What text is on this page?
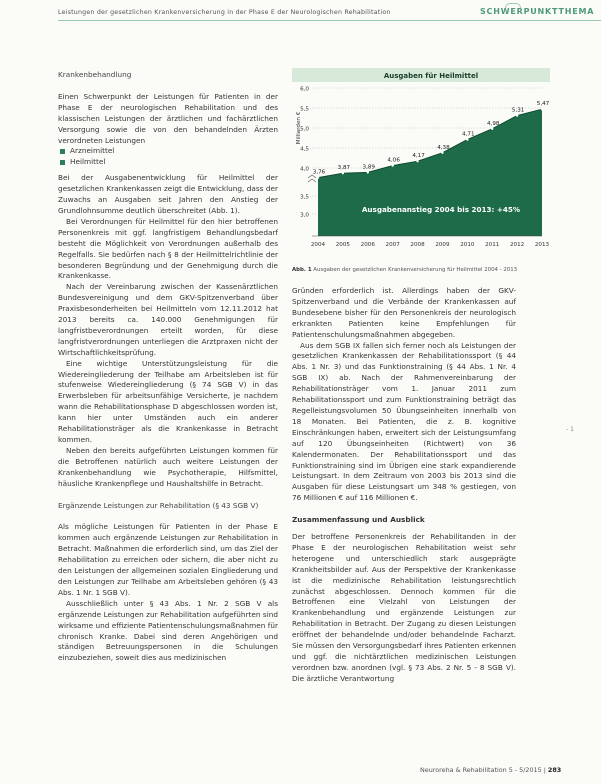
Leistungen der gesetzlichen Krankenversicherung in der Phase E der Neurologischen Rehabilitation	SCHWERPUNKTTHEMA

Krankenbehandlung

Einen Schwerpunkt der Leistungen für Patienten in der Phase E der neurologischen Rehabilitation und des klassischen Leistungen der ärztlichen und fachärztlichen Versorgung sowie die von den behandelnden Ärzten verordneten Leistungen

Arzneimittel
Heilmittel

Bei der Ausgabenentwicklung für Heilmittel der gesetzlichen Krankenkassen zeigt die Entwicklung, dass der Zuwachs an Ausgaben seit Jahren den Anstieg der Grundlohnsumme deutlich überschreitet (Abb. 1).

Bei Verordnungen für Heilmittel für den hier betroffenen Personenkreis mit ggf. langfristigem Behandlungsbedarf besteht die Möglichkeit von Verordnungen außerhalb des Regelfalls. Sie bedürfen nach § 8 der Heilmittelrichtlinie der besonderen Begründung und der Genehmigung durch die Krankenkasse.

Nach der Vereinbarung zwischen der Kassenärztlichen Bundesvereinigung und dem GKV-Spitzenverband über Praxisbesonderheiten bei Heilmitteln vom 12.11.2012 hat 2013 bereits ca. 140.000 Genehmigungen für langfristbeverordnungen erteilt worden, für diese langfristverordnungen unterliegen die Arztpraxen nicht der Wirtschaftlichkeitsprüfung.

Eine wichtige Unterstützungsleistung für die Wiedereingliederung der Teilhabe am Arbeitsleben ist für stufenweise Wiedereingliederung (§ 74 SGB V) in das Erwerbsleben für arbeitsunfähige Versicherte, je nachdem wann die Rehabilitationsphase D abgeschlossen worden ist, kann hier unter Umständen auch ein anderer Rehabilitationsträger als die Krankenkasse in Betracht kommen.

Neben den bereits aufgeführten Leistungen kommen für die Betroffenen natürlich auch weitere Leistungen der Krankenbehandlung wie Psychotherapie, Hilfsmittel, häusliche Krankenpflege und Haushaltshilfe in Betracht.

Ergänzende Leistungen zur Rehabilitation (§ 43 SGB V)

Als mögliche Leistungen für Patienten in der Phase E kommen auch ergänzende Leistungen zur Rehabilitation in Betracht. Maßnahmen die erforderlich sind, um das Ziel der Rehabilitation zu erreichen oder sichern, die aber nicht zu den Leistungen der allgemeinen sozialen Eingliederung und den Leistungen zur Teilhabe am Arbeitsleben gehören (§ 43 Abs. 1 Nr. 1 SGB V).

Ausschließlich unter § 43 Abs. 1 Nr. 2 SGB V als ergänzende Leistungen zur Rehabilitation aufgeführten sind wirksame und effiziente Patientenschulungsmaßnahmen für chronisch Kranke. Dabei sind deren Angehörigen und ständigen Betreuungspersonen in die Schulungen einzubeziehen, soweit dies aus medizinischen

Ausgaben für Heilmittel
4,0
4,5
5,0
5,5
6,0
3,5
3,0
Milliarden €
3,76
3,87 3,89
4,06
4,17
4,38
4,71
4,98
5,31
5,47
Ausgabenanstieg 2004 bis 2013: +45%
2004 2005 2006 2007 2008 2009 2010 2011 2012 2013
Abb. 1 Ausgaben der gesetzlichen Krankenversicherung für Heilmittel 2004 - 2013

Gründen erforderlich ist. Allerdings haben der GKV-Spitzenverband und die Verbände der Krankenkassen auf Bundesebene bisher für den Personenkreis der neurologisch erkrankten Patienten keine Empfehlungen für Patientenschulungsmaßnahmen abgegeben.

Aus dem SGB IX fallen sich ferner noch als Leistungen der gesetzlichen Krankenkassen der Rehabilitationssport (§ 44 Abs. 1 Nr. 3) und das Funktionstraining (§ 44 Abs. 1 Nr. 4 SGB IX) ab. Nach der Rahmenvereinbarung der Rehabilitationsträger vom 1. Januar 2011 zum Rehabilitationssport und zum Funktionstraining beträgt das Regelleistungsvolumen 50 Übungseinheiten innerhalb von 18 Monaten. Bei Patienten, die z. B. kognitive Einschränkungen haben, erweitert sich der Leistungsumfang auf 120 Übungseinheiten (Richtwert) von 36 Kalendermonaten. Der Rehabilitationssport und das Funktionstraining sind im Übrigen eine stark expandierende Leistungsart. In dem Zeitraum von 2003 bis 2013 sind die Ausgaben für diese Leistungsart um 348 % gestiegen, von 76 Millionen € auf 116 Millionen €.

Zusammenfassung und Ausblick

Der betroffene Personenkreis der Rehabilitanden in der Phase E der neurologischen Rehabilitation weist sehr heterogene und unterschiedlich stark ausgeprägte Krankheitsbilder auf. Aus der Perspektive der Krankenkasse ist die medizinische Rehabilitation leistungsrechtlich zunächst abgeschlossen. Dennoch kommen für die Betroffenen eine Vielzahl von Leistungen der Krankenbehandlung und ergänzende Leistungen zur Rehabilitation in Betracht. Der Zugang zu diesen Leistungen eröffnet der behandelnde und/oder behandelnde Facharzt. Sie müssen den Versorgungsbedarf ihres Patienten erkennen und ggf. die nichtärztlichen medizinischen Leistungen verordnen bzw. anordnen (vgl. § 73 Abs. 2 Nr. 5 - 8 SGB V). Die ärztliche Verantwortung

- 1
Neuroreha & Rehabilitation 5 - 5/2015 | 283
